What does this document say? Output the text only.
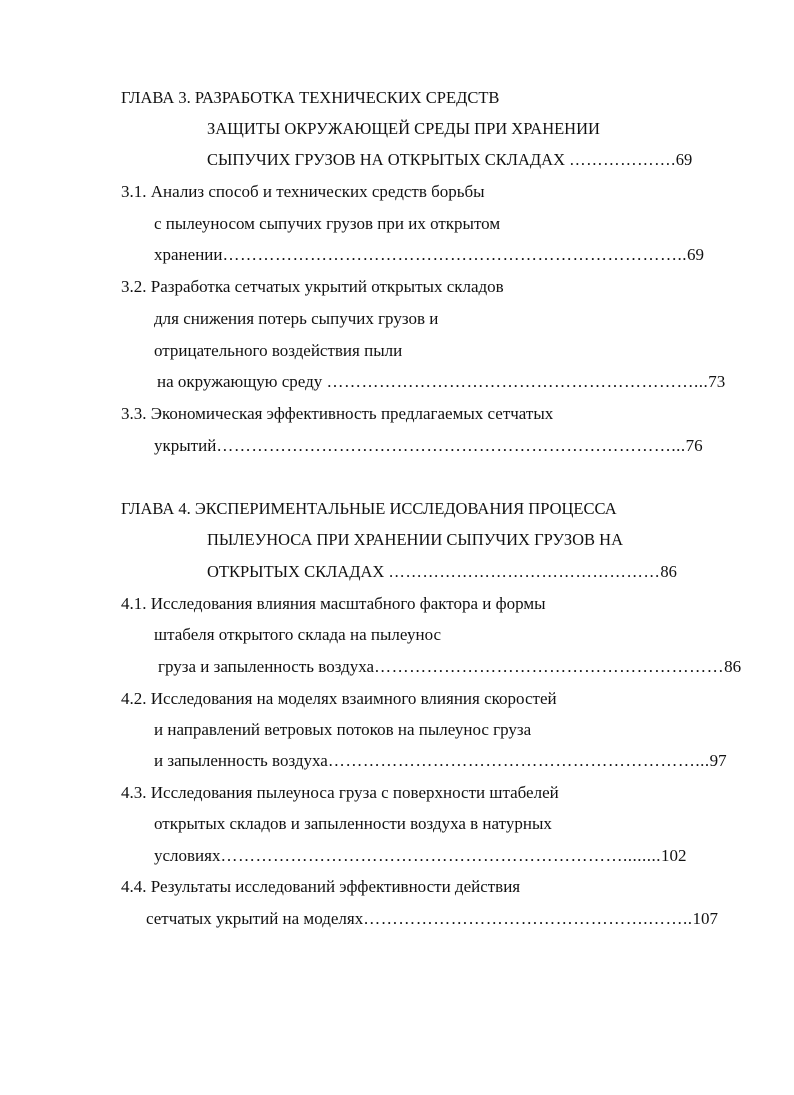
ГЛАВА 3. РАЗРАБОТКА ТЕХНИЧЕСКИХ СРЕДСТВ
ЗАЩИТЫ ОКРУЖАЮЩЕЙ СРЕДЫ ПРИ ХРАНЕНИИ
СЫПУЧИХ ГРУЗОВ НА ОТКРЫТЫХ СКЛАДАХ ……………….69
3.1. Анализ способ и технических средств борьбы
с пылеуносом сыпучих грузов при их открытом
хранении……………………………………………………………………..69
3.2. Разработка сетчатых укрытий открытых складов
для снижения потерь сыпучих грузов и
отрицательного воздействия пыли
на окружающую среду ………………………………………………………...73
3.3. Экономическая эффективность предлагаемых сетчатых
укрытий……………………………………………………………………...76
ГЛАВА 4. ЭКСПЕРИМЕНТАЛЬНЫЕ ИССЛЕДОВАНИЯ ПРОЦЕССА
ПЫЛЕУНОСА ПРИ ХРАНЕНИИ СЫПУЧИХ ГРУЗОВ НА
ОТКРЫТЫХ СКЛАДАХ …………………………………………86
4.1. Исследования влияния масштабного фактора и формы
штабеля открытого склада на пылеунос
груза и запыленность воздуха……………………………………………………86
4.2. Исследования на моделях взаимного влияния скоростей
и направлений ветровых потоков на пылеунос груза
и запыленность воздуха………………………………………………………...97
4.3. Исследования пылеуноса груза с поверхности штабелей
открытых складов и запыленности воздуха в натурных
условиях……………………………………………………………........102
4.4. Результаты исследований эффективности действия
сетчатых укрытий на моделях………………………………………….……..107
